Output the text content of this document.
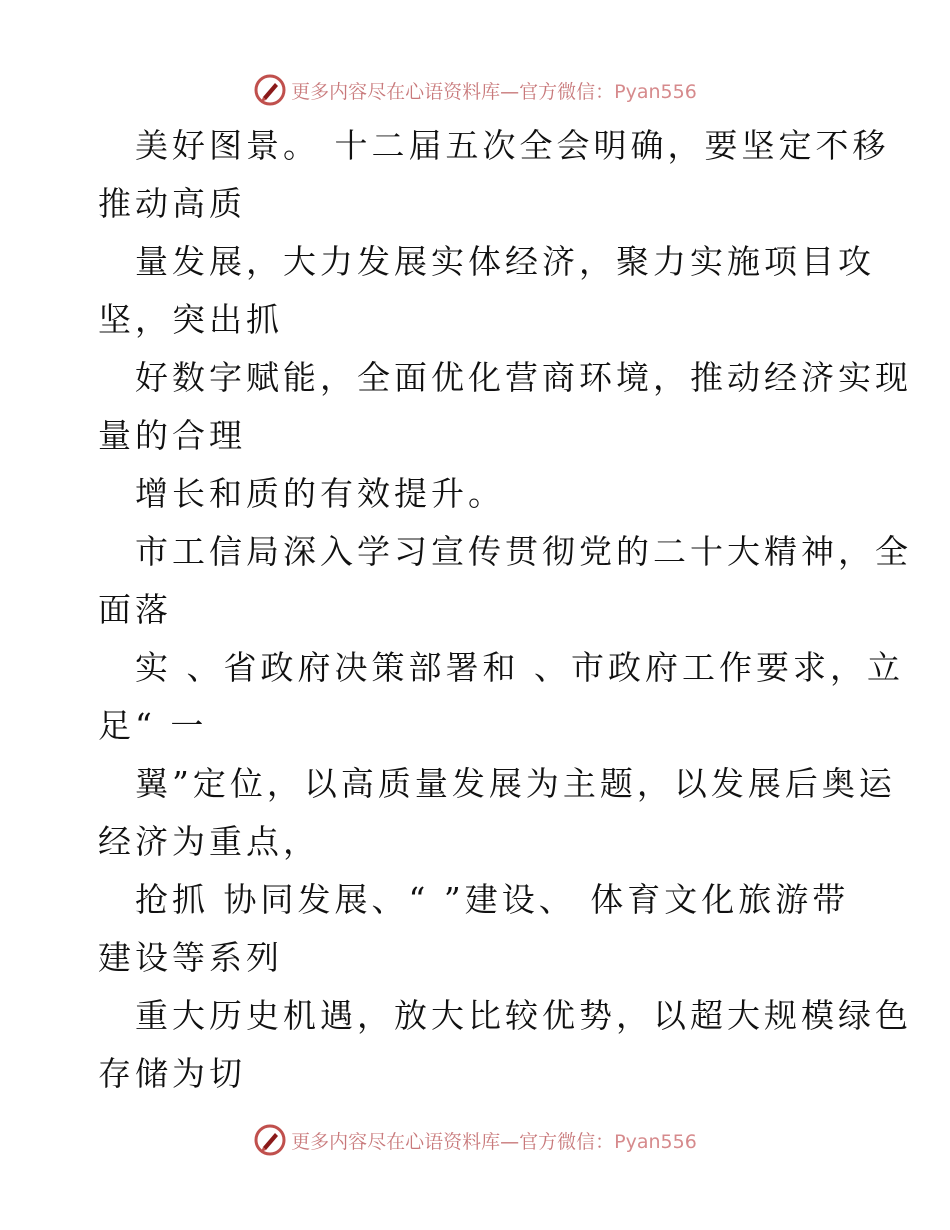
更多内容尽在心语资料库—官方微信：Pyan556
美好图景。 十二届五次全会明确，要坚定不移
推动高质
量发展，大力发展实体经济，聚力实施项目攻
坚，突出抓
好数字赋能，全面优化营商环境，推动经济实现
量的合理
增长和质的有效提升。
市工信局深入学习宣传贯彻党的二十大精神，全
面落
实 、省政府决策部署和 、市政府工作要求，立
足“ 一
翼”定位，以高质量发展为主题，以发展后奥运
经济为重点，
抢抓 协同发展、“ ”建设、 体育文化旅游带
建设等系列
重大历史机遇，放大比较优势，以超大规模绿色
存储为切
更多内容尽在心语资料库—官方微信：Pyan556
